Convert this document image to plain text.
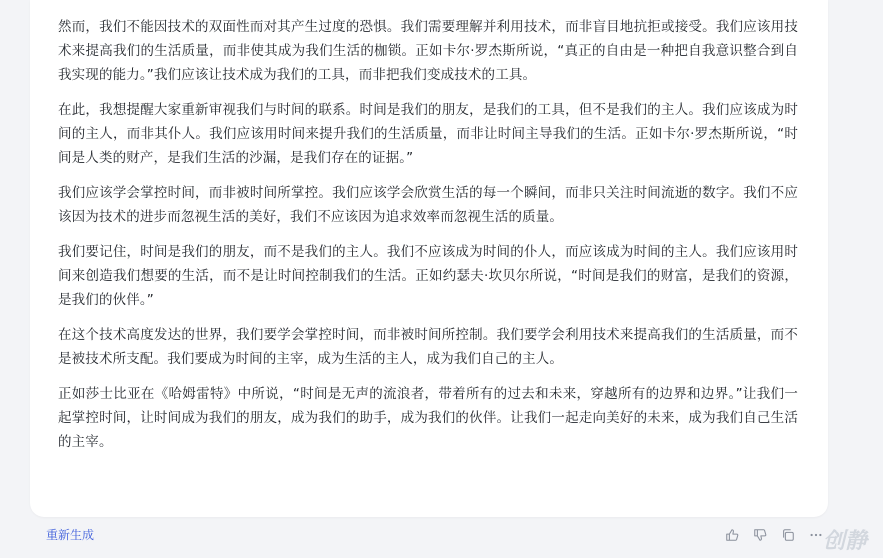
然而，我们不能因技术的双面性而对其产生过度的恐惧。我们需要理解并利用技术，而非盲目地抗拒或接受。我们应该用技术来提高我们的生活质量，而非使其成为我们生活的枷锁。正如卡尔·罗杰斯所说，“真正的自由是一种把自我意识整合到自我实现的能力。”我们应该让技术成为我们的工具，而非把我们变成技术的工具。

在此，我想提醒大家重新审视我们与时间的联系。时间是我们的朋友，是我们的工具，但不是我们的主人。我们应该成为时间的主人，而非其仆人。我们应该用时间来提升我们的生活质量，而非让时间主导我们的生活。正如卡尔·罗杰斯所说，“时间是人类的财产，是我们生活的沙漏，是我们存在的证据。”

我们应该学会掌控时间，而非被时间所掌控。我们应该学会欣赏生活的每一个瞬间，而非只关注时间流逝的数字。我们不应该因为技术的进步而忽视生活的美好，我们不应该因为追求效率而忽视生活的质量。

我们要记住，时间是我们的朋友，而不是我们的主人。我们不应该成为时间的仆人，而应该成为时间的主人。我们应该用时间来创造我们想要的生活，而不是让时间控制我们的生活。正如约瑟夫·坎贝尔所说，“时间是我们的财富，是我们的资源，是我们的伙伴。”

在这个技术高度发达的世界，我们要学会掌控时间，而非被时间所控制。我们要学会利用技术来提高我们的生活质量，而不是被技术所支配。我们要成为时间的主宰，成为生活的主人，成为我们自己的主人。

正如莎士比亚在《哈姆雷特》中所说，“时间是无声的流浪者，带着所有的过去和未来，穿越所有的边界和边界。”让我们一起掌控时间，让时间成为我们的朋友，成为我们的助手，成为我们的伙伴。让我们一起走向美好的未来，成为我们自己生活的主宰。

重新生成	创静
